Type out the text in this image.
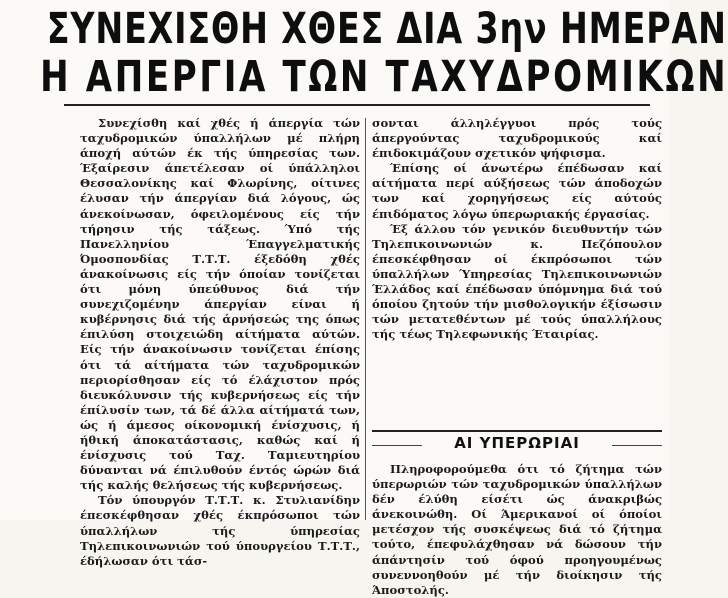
ΣΥΝΕΧΙΣΘΗ ΧΘΕΣ ΔΙΑ 3ην ΗΜΕΡΑΝ
Η ΑΠΕΡΓΙΑ ΤΩΝ ΤΑΧΥΔΡΟΜΙΚΩΝ

Συνεχίσθη καί χθές ή άπεργία τών ταχυδρομικών ύπαλλήλων μέ πλήρη άποχή αύτών έκ τής ύπηρεσίας των. Έξαίρεσιν άπετέλεσαν οί ύπάλληλοι Θεσσαλονίκης καί Φλωρίνης, οίτινες έλυσαν τήν άπεργίαν διά λόγους, ώς άνεκοίνωσαν, όφειλομένους είς τήν τήρησιν τής τάξεως. Ύπό τής Πανελληνίου Έπαγγελματικής Όμοσπονδίας Τ.Τ.Τ. έξεδόθη χθές άνακοίνωσις είς τήν όποίαν τονίζεται ότι μόνη ύπεύθυνος διά τήν συνεχιζομένην άπεργίαν είναι ή κυβέρνησις διά τής άρνήσεώς της όπως έπιλύση στοιχειώδη αίτήματα αύτών. Είς τήν άνακοίνωσιν τονίζεται έπίσης ότι τά αίτήματα τών ταχυδρομικών περιορίσθησαν είς τό έλάχιστον πρός διευκόλυνσιν τής κυβερνήσεως είς τήν έπίλυσίν των, τά δέ άλλα αίτήματά των, ώς ή άμεσος οίκονομική ένίσχυσις, ή ήθική άποκατάστασις, καθώς καί ή ένίσχυσις τού Ταχ. Ταμιευτηρίου δύνανται νά έπιλυθούν έντός ώρών διά τής καλής θελήσεως τής κυβερνήσεως.

Τόν ύπουργόν Τ.Τ.Τ. κ. Στυλιανίδην έπεσκέφθησαν χθές έκπρόσωποι τών ύπαλλήλων τής ύπηρεσίας Τηλεπικοινωνιών τού ύπουργείου Τ.Τ.Τ., έδήλωσαν ότι τάσ-

σονται άλληλέγγυοι πρός τούς άπεργούντας ταχυδρομικούς καί έπιδοκιμάζουν σχετικόν ψήφισμα.

Έπίσης οί άνωτέρω έπέδωσαν καί αίτήματα περί αύξήσεως τών άποδοχών των καί χορηγήσεως είς αύτούς έπιδόματος λόγω ύπερωριακής έργασίας.

Έξ άλλου τόν γενικόν διευθυντήν τών Τηλεπικοινωνιών κ. Πεζόπουλον έπεσκέφθησαν οί έκπρόσωποι τών ύπαλλήλων Ύπηρεσίας Τηλεπικοινωνιών Έλλάδος καί έπέδωσαν ύπόμνημα διά τού όποίου ζητούν τήν μισθολογικήν έξίσωσιν τών μετατεθέντων μέ τούς ύπαλλήλους τής τέως Τηλεφωνικής Έταιρίας.

ΑΙ ΥΠΕΡΩΡΙΑΙ

Πληροφορούμεθα ότι τό ζήτημα τών ύπερωριών τών ταχυδρομικών ύπαλλήλων δέν έλύθη είσέτι ώς άνακριβώς άνεκοινώθη. Οί Άμερικανοί οί όποίοι μετέσχον τής συσκέψεως διά τό ζήτημα τούτο, έπεφυλάχθησαν νά δώσουν τήν άπάντησίν τού όφού προηγουμένως συνεννοηθούν μέ τήν διοίκησιν τής Άποστολής.
